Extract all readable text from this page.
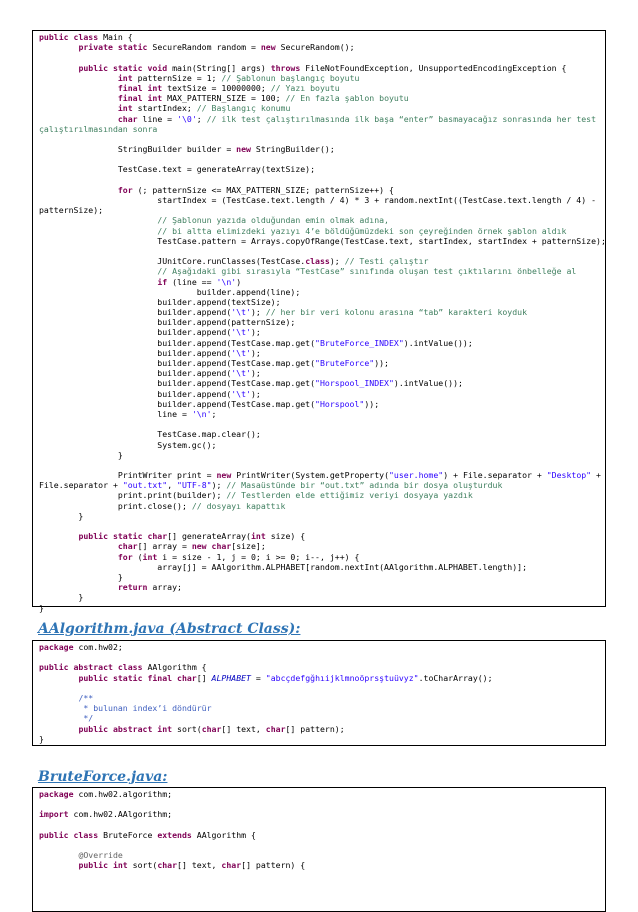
public class Main {
private static SecureRandom random = new SecureRandom();

public static void main(String[] args) throws FileNotFoundException, UnsupportedEncodingException {
int patternSize = 1; // Şablonun başlangıç boyutu
final int textSize = 10000000; // Yazı boyutu
final int MAX_PATTERN_SIZE = 100; // En fazla şablon boyutu
int startIndex; // Başlangıç konumu
char line = '\0'; // ilk test çalıştırılmasında ilk başa “enter” basmayacağız sonrasında her test
çalıştırılmasından sonra

StringBuilder builder = new StringBuilder();

TestCase.text = generateArray(textSize);

for (; patternSize <= MAX_PATTERN_SIZE; patternSize++) {
startIndex = (TestCase.text.length / 4) * 3 + random.nextInt((TestCase.text.length / 4) -
patternSize);
// Şablonun yazıda olduğundan emin olmak adına,
// bi altta elimizdeki yazıyı 4’e böldüğümüzdeki son çeyreğinden örnek şablon aldık
TestCase.pattern = Arrays.copyOfRange(TestCase.text, startIndex, startIndex + patternSize);

JUnitCore.runClasses(TestCase.class); // Testi çalıştır
// Aşağıdaki gibi sırasıyla “TestCase” sınıfında oluşan test çıktılarını önbelleğe al
if (line == '\n')
builder.append(line);
builder.append(textSize);
builder.append('\t'); // her bir veri kolonu arasına “tab” karakteri koyduk
builder.append(patternSize);
builder.append('\t');
builder.append(TestCase.map.get("BruteForce_INDEX").intValue());
builder.append('\t');
builder.append(TestCase.map.get("BruteForce"));
builder.append('\t');
builder.append(TestCase.map.get("Horspool_INDEX").intValue());
builder.append('\t');
builder.append(TestCase.map.get("Horspool"));
line = '\n';

TestCase.map.clear();
System.gc();
}

PrintWriter print = new PrintWriter(System.getProperty("user.home") + File.separator + "Desktop" +
File.separator + "out.txt", "UTF-8"); // Masaüstünde bir “out.txt” adında bir dosya oluşturduk
print.print(builder); // Testlerden elde ettiğimiz veriyi dosyaya yazdık
print.close(); // dosyayı kapattık
}

public static char[] generateArray(int size) {
char[] array = new char[size];
for (int i = size - 1, j = 0; i >= 0; i--, j++) {
array[j] = AAlgorithm.ALPHABET[random.nextInt(AAlgorithm.ALPHABET.length)];
}
return array;
}
}
AAlgorithm.java (Abstract Class):
package com.hw02;

public abstract class AAlgorithm {
public static final char[] ALPHABET = "abcçdefgğhıijklmnoöprsştuüvyz".toCharArray();

/**
* bulunan index’i döndürür
*/
public abstract int sort(char[] text, char[] pattern);
}
BruteForce.java:
package com.hw02.algorithm;

import com.hw02.AAlgorithm;

public class BruteForce extends AAlgorithm {

@Override
public int sort(char[] text, char[] pattern) {
